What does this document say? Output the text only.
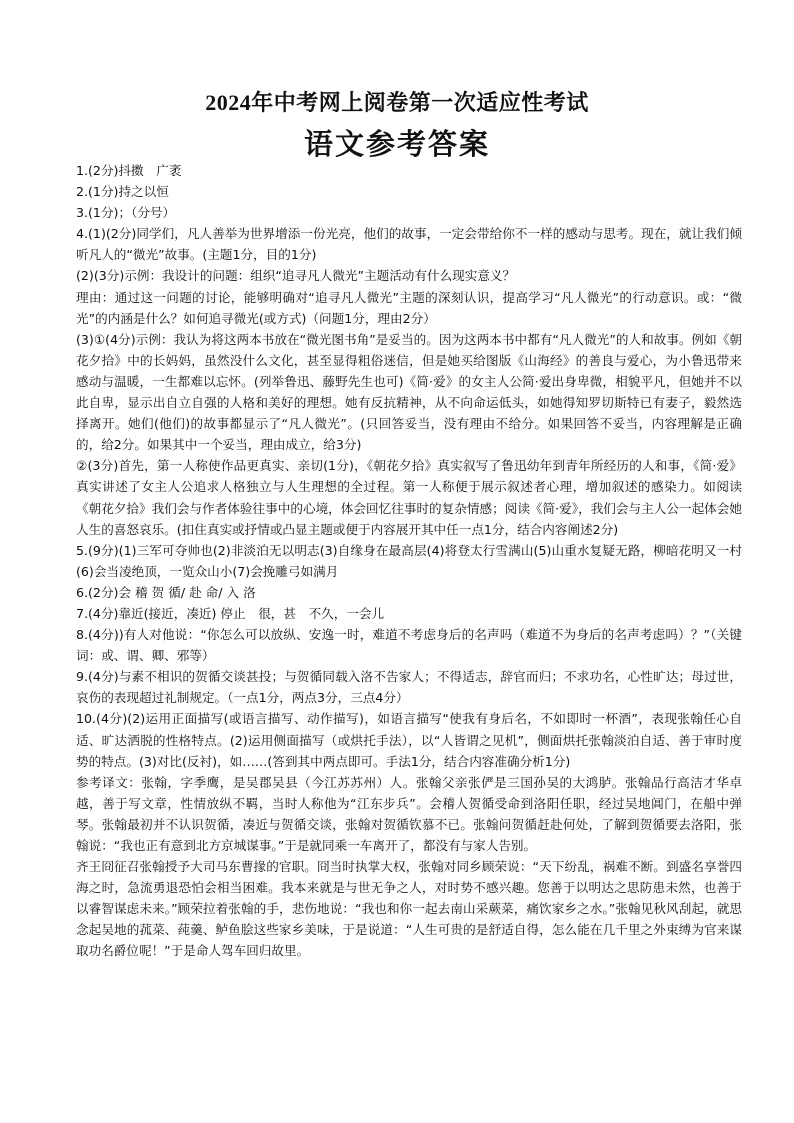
2024年中考网上阅卷第一次适应性考试
语文参考答案

1.(2分)抖擞　广袤

2.(1分)持之以恒

3.(1分)；（分号）

4.(1)(2分)同学们，凡人善举为世界增添一份光亮，他们的故事，一定会带给你不一样的感动与思考。现在，就让我们倾听凡人的“微光”故事。(主题1分，目的1分)

(2)(3分)示例：我设计的问题：组织“追寻凡人微光”主题活动有什么现实意义？

理由：通过这一问题的讨论，能够明确对“追寻凡人微光”主题的深刻认识，提高学习“凡人微光”的行动意识。或：“微光”的内涵是什么？如何追寻微光(或方式)（问题1分，理由2分）

(3)①(4分)示例：我认为将这两本书放在“微光图书角”是妥当的。因为这两本书中都有“凡人微光”的人和故事。例如《朝花夕拾》中的长妈妈，虽然没什么文化，甚至显得粗俗迷信，但是她买给图版《山海经》的善良与爱心，为小鲁迅带来感动与温暖，一生都难以忘怀。(列举鲁迅、藤野先生也可)《简·爱》的女主人公简·爱出身卑微，相貌平凡，但她并不以此自卑，显示出自立自强的人格和美好的理想。她有反抗精神，从不向命运低头，如她得知罗切斯特已有妻子，毅然选择离开。她们(他们)的故事都显示了“凡人微光”。(只回答妥当，没有理由不给分。如果回答不妥当，内容理解是正确的，给2分。如果其中一个妥当，理由成立，给3分)

②(3分)首先，第一人称使作品更真实、亲切(1分)，《朝花夕拾》真实叙写了鲁迅幼年到青年所经历的人和事，《简·爱》真实讲述了女主人公追求人格独立与人生理想的全过程。第一人称便于展示叙述者心理，增加叙述的感染力。如阅读《朝花夕拾》我们会与作者体验往事中的心境，体会回忆往事时的复杂情感；阅读《简·爱》，我们会与主人公一起体会她人生的喜怒哀乐。(扣住真实或抒情或凸显主题或便于内容展开其中任一点1分，结合内容阐述2分)

5.(9分)(1)三军可夺帅也(2)非淡泊无以明志(3)自缘身在最高层(4)将登太行雪满山(5)山重水复疑无路，柳暗花明又一村(6)会当凌绝顶，一览众山小(7)会挽雕弓如满月

6.(2分)会 稽 贺 循/ 赴 命/ 入 洛

7.(4分)靠近(接近，凑近) 停止　很，甚　不久，一会儿

8.(4分))有人对他说：“你怎么可以放纵、安逸一时，难道不考虑身后的名声吗（难道不为身后的名声考虑吗）？”（关键词：或、谓、卿、邪等）

9.(4分)与素不相识的贺循交谈甚投；与贺循同载入洛不告家人；不得适志，辞官而归；不求功名，心性旷达；母过世，哀伤的表现超过礼制规定。（一点1分，两点3分，三点4分）

10.(4分)(2)运用正面描写(或语言描写、动作描写)，如语言描写“使我有身后名，不如即时一杯酒”，表现张翰任心自适、旷达洒脱的性格特点。(2)运用侧面描写（或烘托手法），以“人皆谓之见机”，侧面烘托张翰淡泊自适、善于审时度势的特点。(3)对比(反衬)，如……(答到其中两点即可。手法1分，结合内容准确分析1分)

参考译文：张翰，字季鹰，是吴郡吴县（今江苏苏州）人。张翰父亲张俨是三国孙吴的大鸿胪。张翰品行高洁才华卓越，善于写文章，性情放纵不羁，当时人称他为“江东步兵”。会稽人贺循受命到洛阳任职，经过吴地阊门，在船中弹琴。张翰最初并不认识贺循，凑近与贺循交谈，张翰对贺循钦慕不已。张翰问贺循赶赴何处，了解到贺循要去洛阳，张翰说：“我也正有意到北方京城谋事。”于是就同乘一车离开了，都没有与家人告别。

齐王冏征召张翰授予大司马东曹掾的官职。冏当时执掌大权，张翰对同乡顾荣说：“天下纷乱，祸难不断。到盛名享誉四海之时，急流勇退恐怕会相当困难。我本来就是与世无争之人，对时势不感兴趣。您善于以明达之思防患未然，也善于以睿智谋虑未来。”顾荣拉着张翰的手，悲伤地说：“我也和你一起去南山采蕨菜，痛饮家乡之水。”张翰见秋风刮起，就思念起吴地的菰菜、莼羹、鲈鱼脍这些家乡美味，于是说道：“人生可贵的是舒适自得，怎么能在几千里之外束缚为官来谋取功名爵位呢！”于是命人驾车回归故里。
